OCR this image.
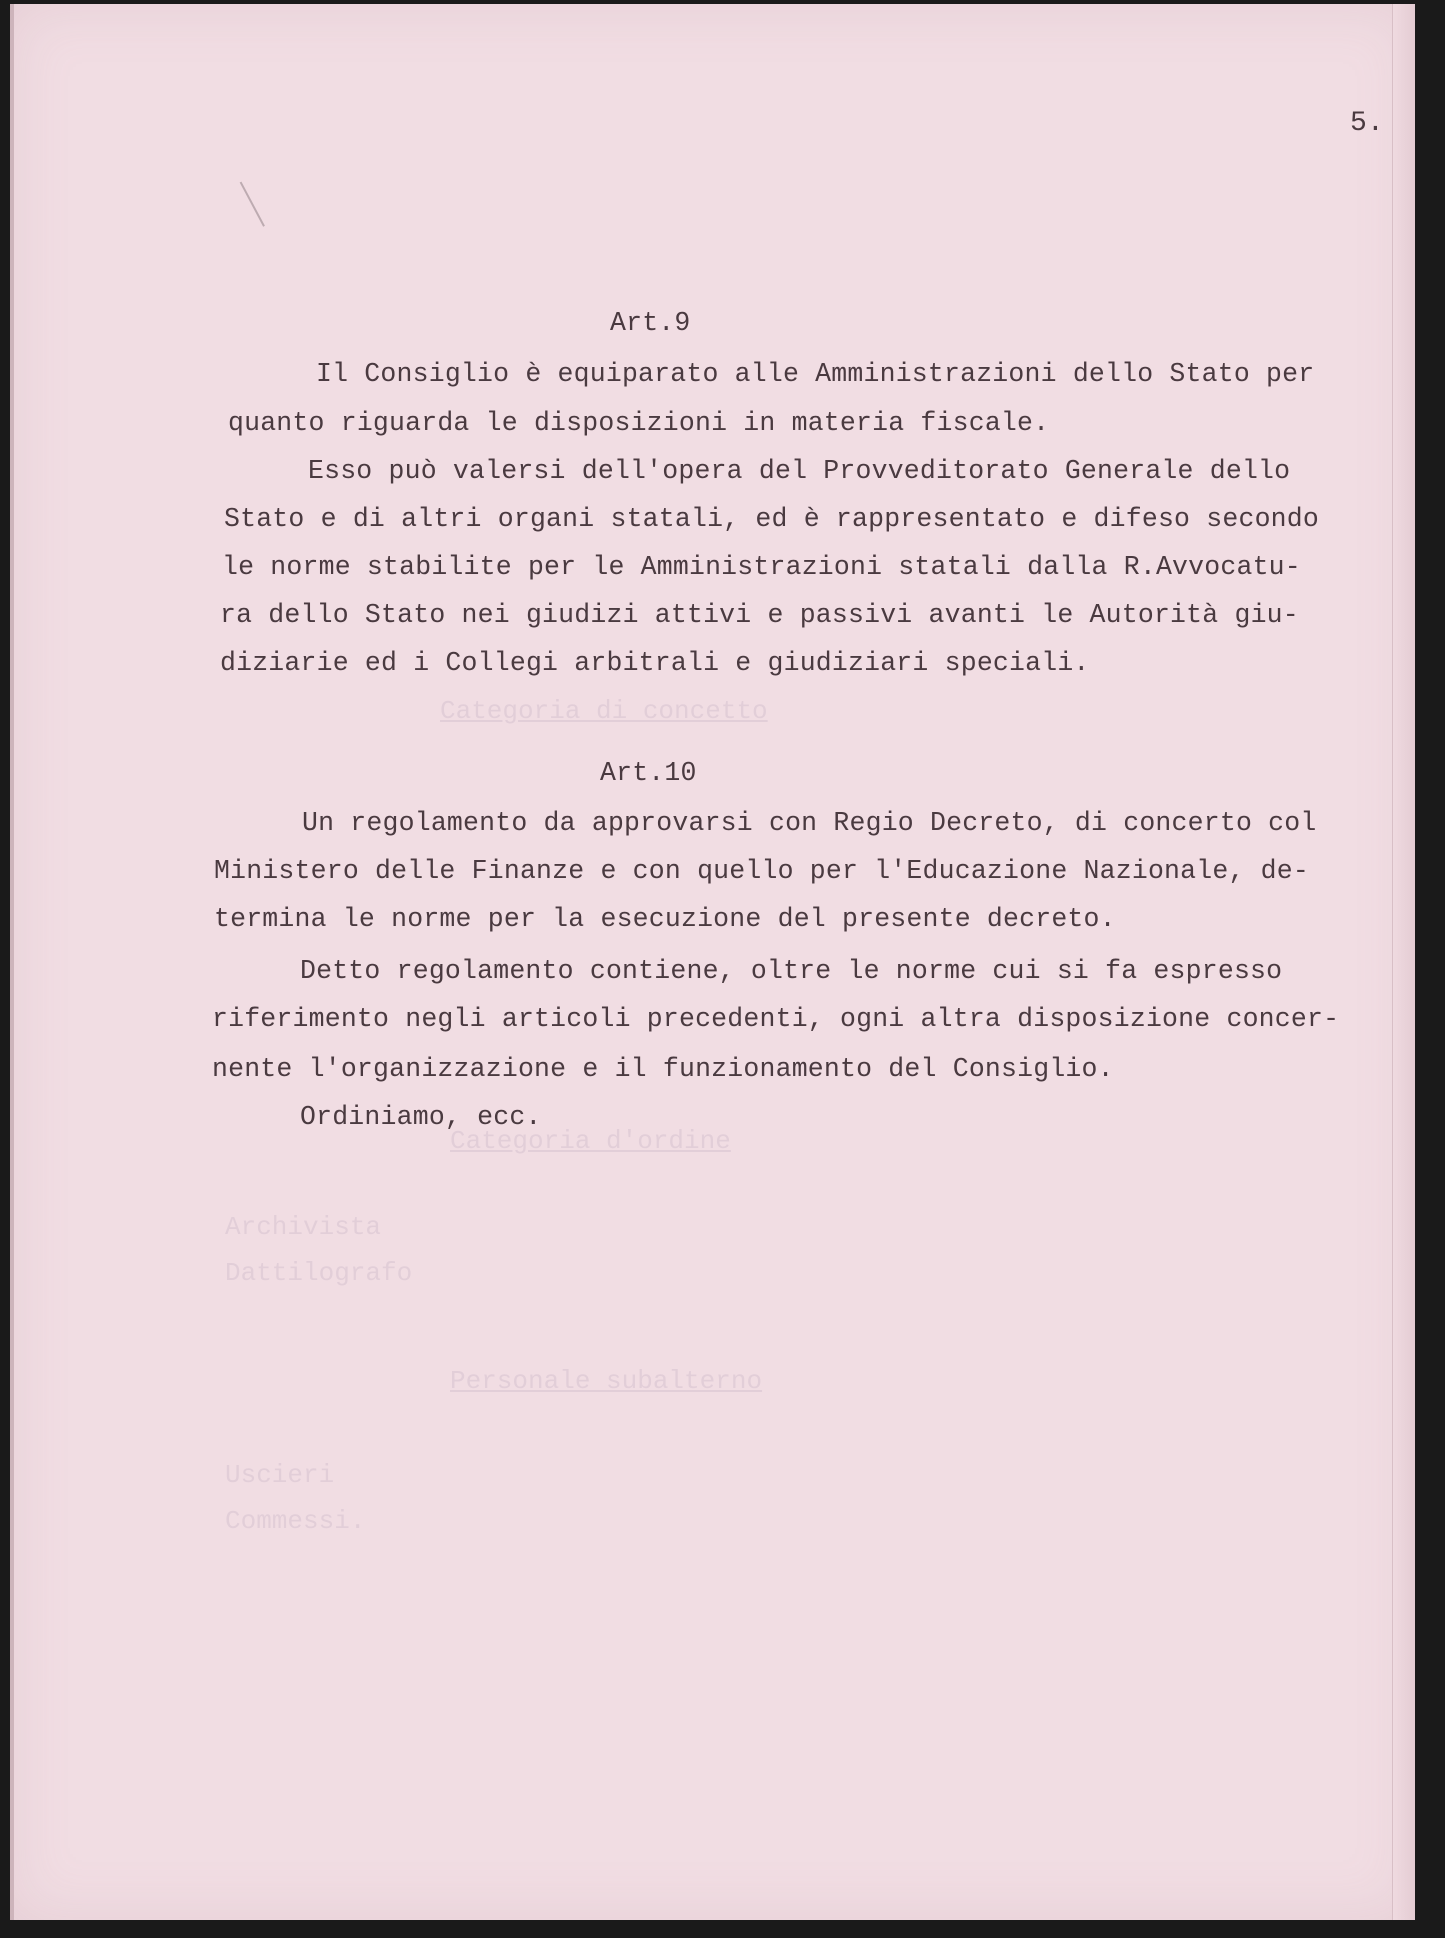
Categoria di concetto
Categoria d'ordine
Archivista
Dattilografo
Personale subalterno
Uscieri
Commessi.
5.
Art.9
Il Consiglio è equiparato alle Amministrazioni dello Stato per
quanto riguarda le disposizioni in materia fiscale.
Esso può valersi dell'opera del Provveditorato Generale dello
Stato e di altri organi statali, ed è rappresentato e difeso secondo
le norme stabilite per le Amministrazioni statali dalla R.Avvocatu-
ra dello Stato nei giudizi attivi e passivi avanti le Autorità giu-
diziarie ed i Collegi arbitrali e giudiziari speciali.
Art.10
Un regolamento da approvarsi con Regio Decreto, di concerto col
Ministero delle Finanze e con quello per l'Educazione Nazionale, de-
termina le norme per la esecuzione del presente decreto.
Detto regolamento contiene, oltre le norme cui si fa espresso
riferimento negli articoli precedenti, ogni altra disposizione concer-
nente l'organizzazione e il funzionamento del Consiglio.
Ordiniamo, ecc.
